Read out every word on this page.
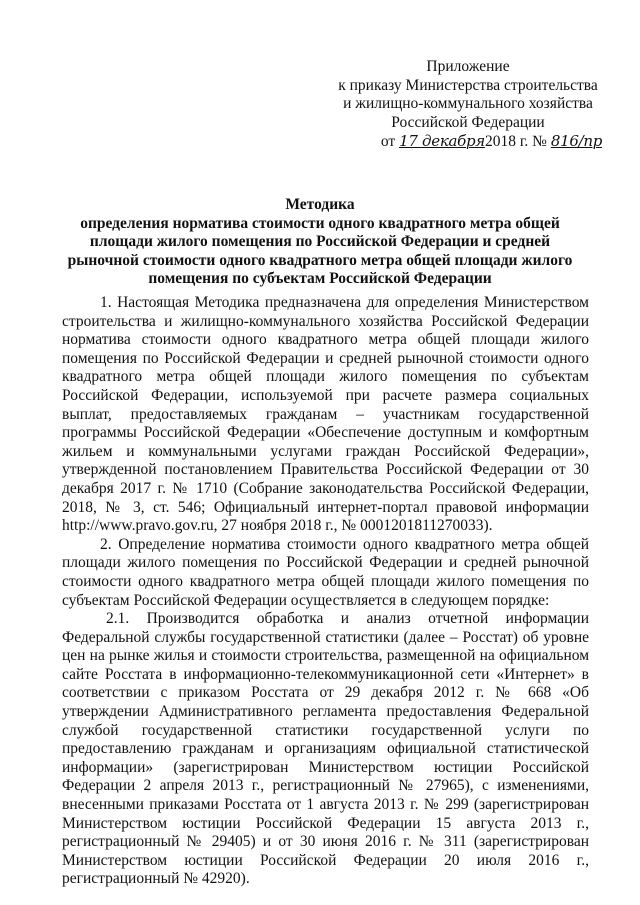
Приложение
к приказу Министерства строительства
и жилищно-коммунального хозяйства
Российской Федерации
от 17 декабря2018 г. № 816/пр
Методика
определения норматива стоимости одного квадратного метра общей площади жилого помещения по Российской Федерации и средней рыночной стоимости одного квадратного метра общей площади жилого помещения по субъектам Российской Федерации

1. Настоящая Методика предназначена для определения Министерством строительства и жилищно-коммунального хозяйства Российской Федерации норматива стоимости одного квадратного метра общей площади жилого помещения по Российской Федерации и средней рыночной стоимости одного квадратного метра общей площади жилого помещения по субъектам Российской Федерации, используемой при расчете размера социальных выплат, предоставляемых гражданам – участникам государственной программы Российской Федерации «Обеспечение доступным и комфортным жильем и коммунальными услугами граждан Российской Федерации», утвержденной постановлением Правительства Российской Федерации от 30 декабря 2017 г. № 1710 (Собрание законодательства Российской Федерации, 2018, № 3, ст. 546; Официальный интернет-портал правовой информации http://www.pravo.gov.ru, 27 ноября 2018 г., № 0001201811270033).

2. Определение норматива стоимости одного квадратного метра общей площади жилого помещения по Российской Федерации и средней рыночной стоимости одного квадратного метра общей площади жилого помещения по субъектам Российской Федерации осуществляется в следующем порядке:

2.1. Производится обработка и анализ отчетной информации Федеральной службы государственной статистики (далее – Росстат) об уровне цен на рынке жилья и стоимости строительства, размещенной на официальном сайте Росстата в информационно-телекоммуникационной сети «Интернет» в соответствии с приказом Росстата от 29 декабря 2012 г. № 668 «Об утверждении Административного регламента предоставления Федеральной службой государственной статистики государственной услуги по предоставлению гражданам и организациям официальной статистической информации» (зарегистрирован Министерством юстиции Российской Федерации 2 апреля 2013 г., регистрационный № 27965), с изменениями, внесенными приказами Росстата от 1 августа 2013 г. № 299 (зарегистрирован Министерством юстиции Российской Федерации 15 августа 2013 г., регистрационный № 29405) и от 30 июня 2016 г. № 311 (зарегистрирован Министерством юстиции Российской Федерации 20 июля 2016 г., регистрационный № 42920).
